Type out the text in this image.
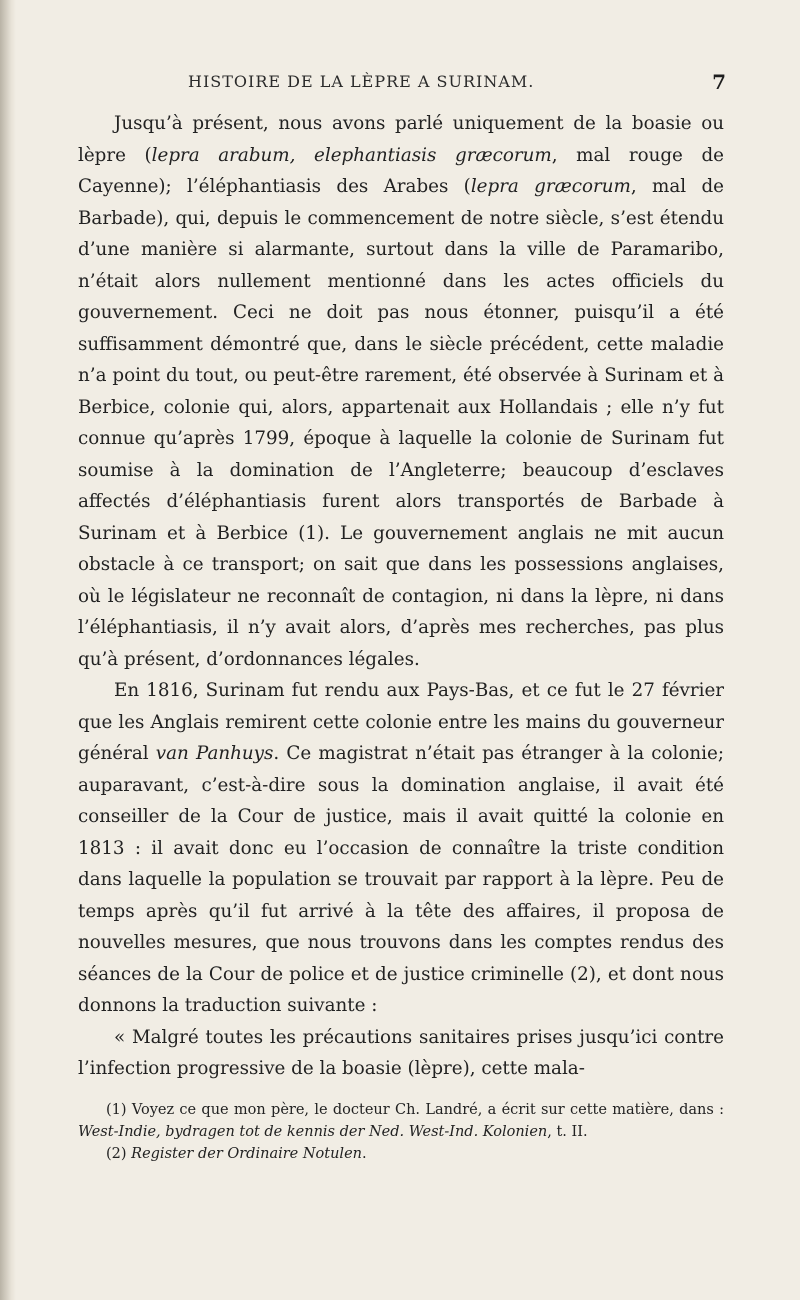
HISTOIRE DE LA LÈPRE A SURINAM.	7

Jusqu’à présent, nous avons parlé uniquement de la boasie ou lèpre (lepra arabum, elephantiasis græcorum, mal rouge de Cayenne); l’éléphantiasis des Arabes (lepra græcorum, mal de Barbade), qui, depuis le commencement de notre siècle, s’est étendu d’une manière si alarmante, surtout dans la ville de Paramaribo, n’était alors nullement mentionné dans les actes officiels du gouvernement. Ceci ne doit pas nous étonner, puisqu’il a été suffisamment démontré que, dans le siècle précédent, cette maladie n’a point du tout, ou peut-être rarement, été observée à Surinam et à Berbice, colonie qui, alors, appartenait aux Hollandais ; elle n’y fut connue qu’après 1799, époque à laquelle la colonie de Surinam fut soumise à la domination de l’Angleterre; beaucoup d’esclaves affectés d’éléphantiasis furent alors transportés de Barbade à Surinam et à Berbice (1). Le gouvernement anglais ne mit aucun obstacle à ce transport; on sait que dans les possessions anglaises, où le législateur ne reconnaît de contagion, ni dans la lèpre, ni dans l’éléphantiasis, il n’y avait alors, d’après mes recherches, pas plus qu’à présent, d’ordonnances légales.

En 1816, Surinam fut rendu aux Pays-Bas, et ce fut le 27 février que les Anglais remirent cette colonie entre les mains du gouverneur général van Panhuys. Ce magistrat n’était pas étranger à la colonie; auparavant, c’est-à-dire sous la domination anglaise, il avait été conseiller de la Cour de justice, mais il avait quitté la colonie en 1813 : il avait donc eu l’occasion de connaître la triste condition dans laquelle la population se trouvait par rapport à la lèpre. Peu de temps après qu’il fut arrivé à la tête des affaires, il proposa de nouvelles mesures, que nous trouvons dans les comptes rendus des séances de la Cour de police et de justice criminelle (2), et dont nous donnons la traduction suivante :

« Malgré toutes les précautions sanitaires prises jusqu’ici contre l’infection progressive de la boasie (lèpre), cette mala-

(1) Voyez ce que mon père, le docteur Ch. Landré, a écrit sur cette matière, dans : West-Indie, bydragen tot de kennis der Ned. West-Ind. Kolonien, t. II.

(2) Register der Ordinaire Notulen.
